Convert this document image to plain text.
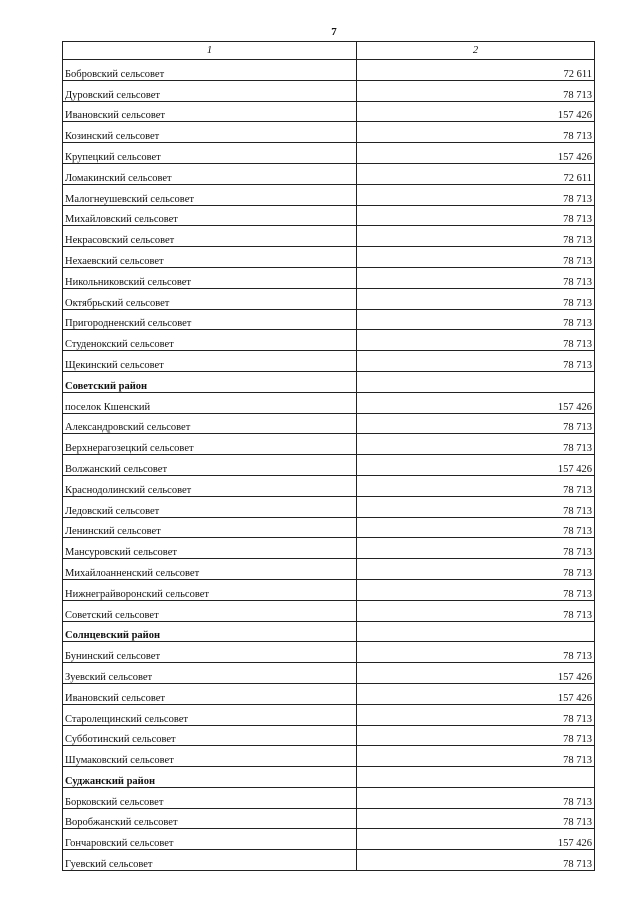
7
1	2
Бобровский сельсовет	72 611
Дуровский сельсовет	78 713
Ивановский сельсовет	157 426
Козинский сельсовет	78 713
Крупецкий сельсовет	157 426
Ломакинский сельсовет	72 611
Малогнеушевский сельсовет	78 713
Михайловский сельсовет	78 713
Некрасовский сельсовет	78 713
Нехаевский сельсовет	78 713
Никольниковский сельсовет	78 713
Октябрьский сельсовет	78 713
Пригородненский сельсовет	78 713
Студенокский сельсовет	78 713
Щекинский сельсовет	78 713
Советский район	
поселок Кшенский	157 426
Александровский сельсовет	78 713
Верхнерагозецкий сельсовет	78 713
Волжанский сельсовет	157 426
Краснодолинский сельсовет	78 713
Ледовский сельсовет	78 713
Ленинский сельсовет	78 713
Мансуровский сельсовет	78 713
Михайлоанненский сельсовет	78 713
Нижнеграйворонский сельсовет	78 713
Советский сельсовет	78 713
Солнцевский район	
Бунинский сельсовет	78 713
Зуевский сельсовет	157 426
Ивановский сельсовет	157 426
Старолещинский сельсовет	78 713
Субботинский сельсовет	78 713
Шумаковский сельсовет	78 713
Суджанский район	
Борковский сельсовет	78 713
Воробжанский сельсовет	78 713
Гончаровский сельсовет	157 426
Гуевский сельсовет	78 713
